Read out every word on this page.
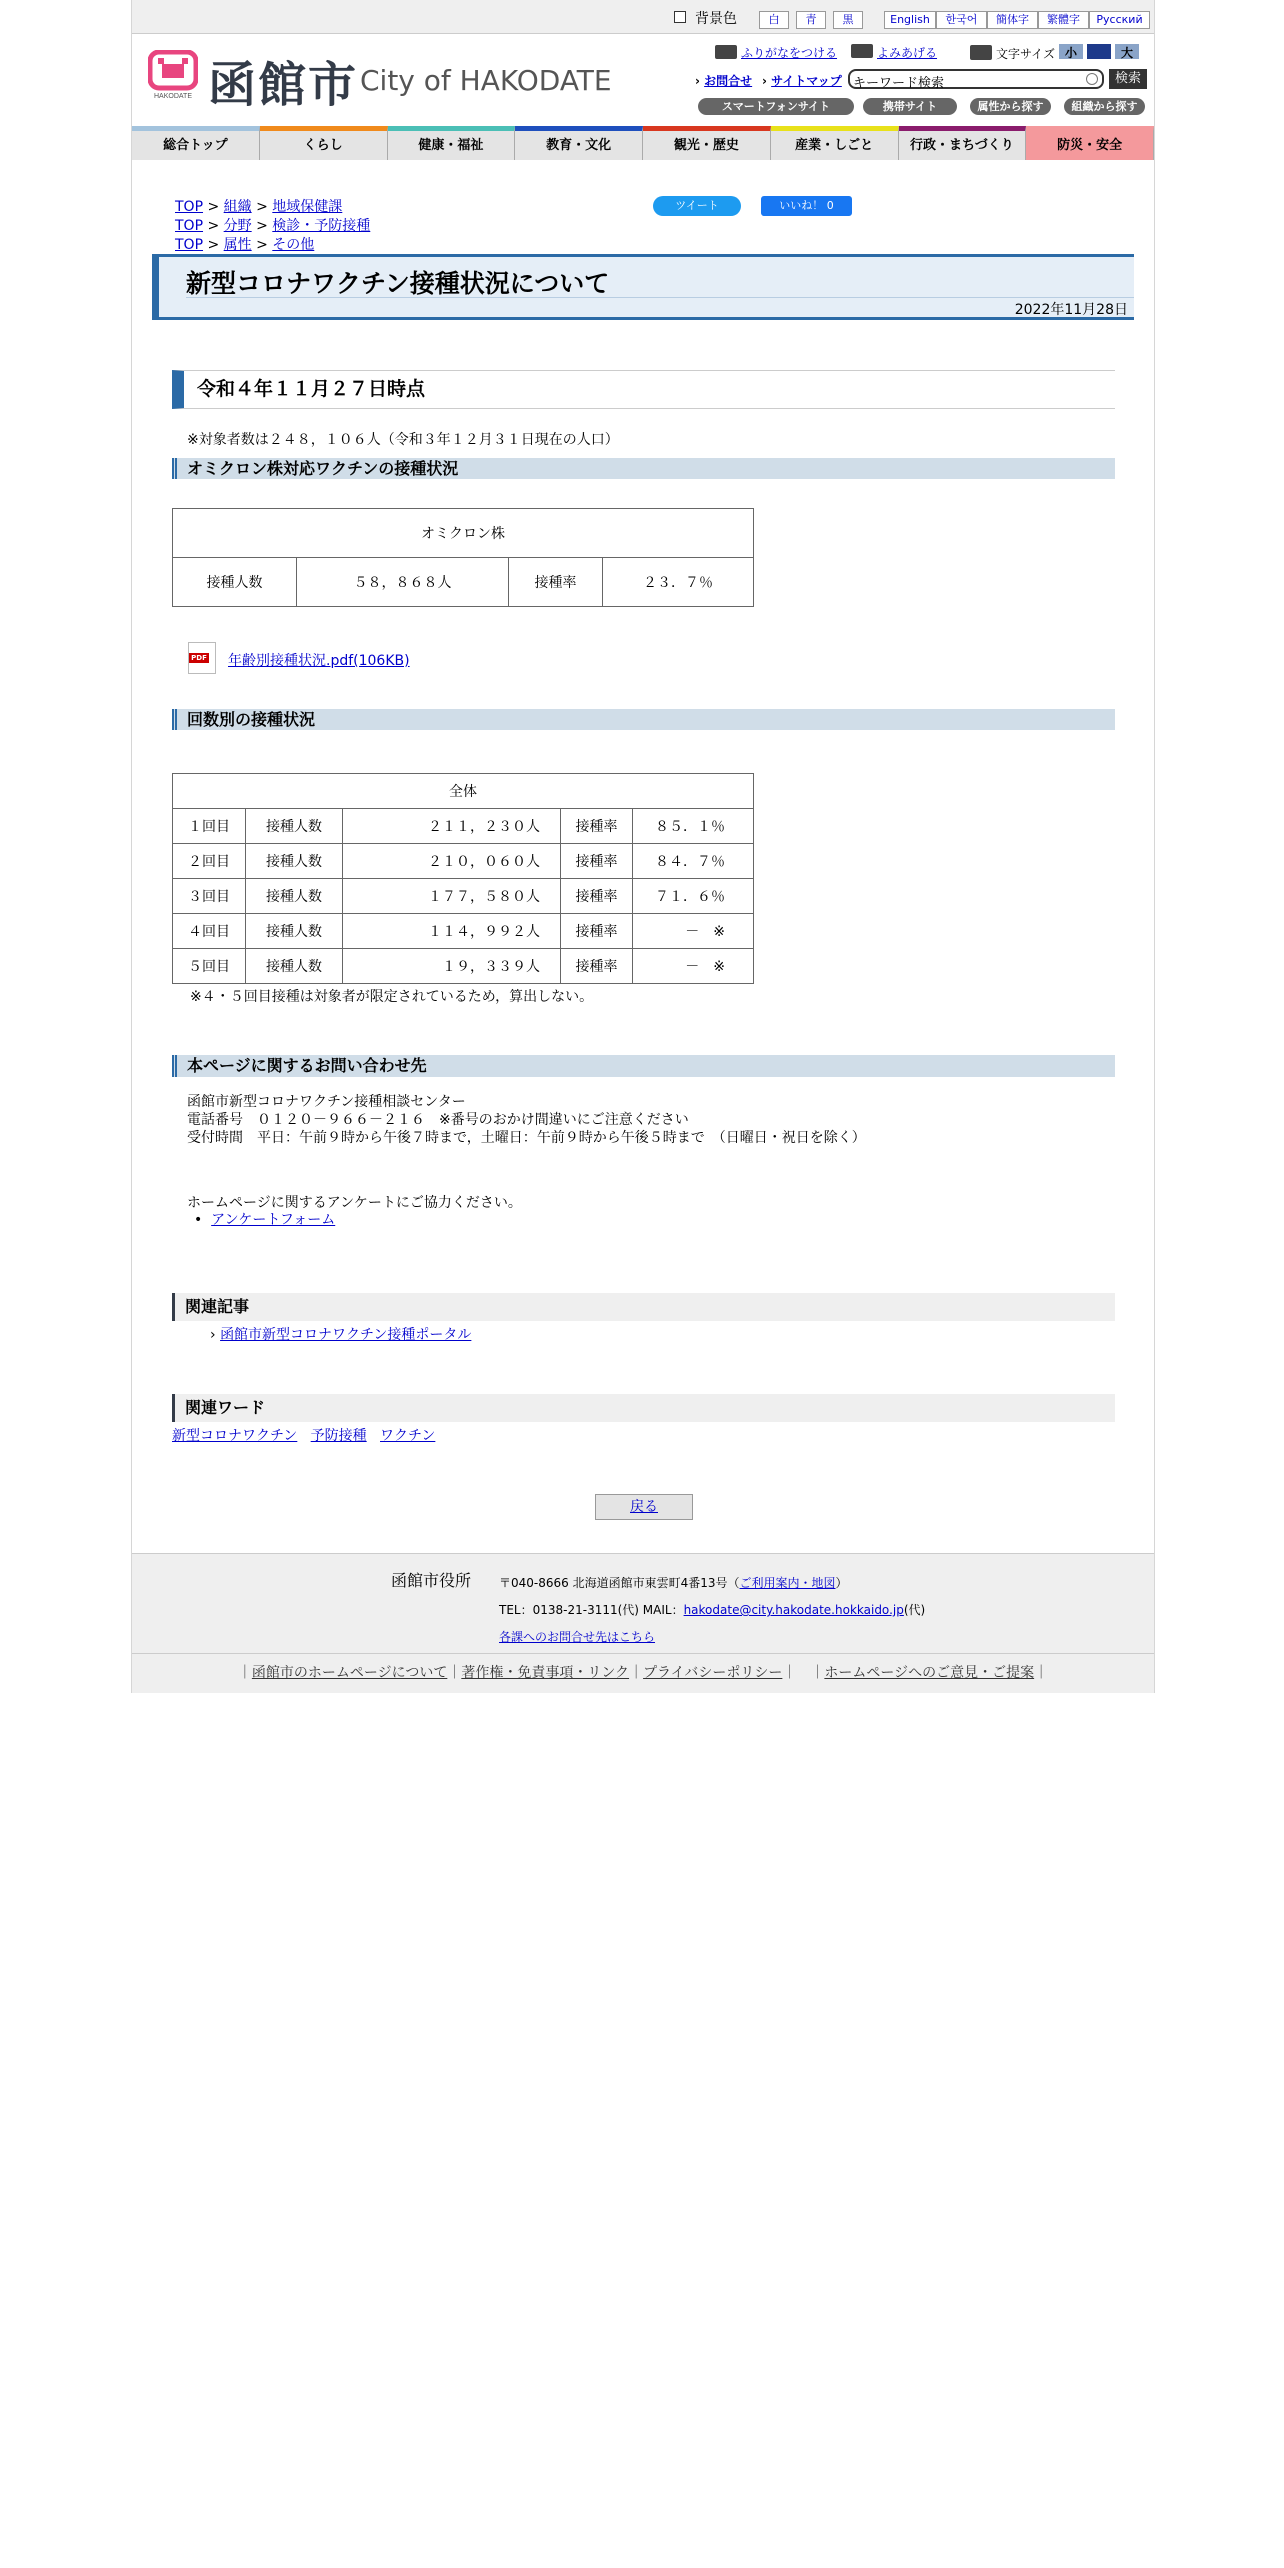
背景色	白	青	黒	English	한국어	簡体字	繁體字	Русский
HAKODATE 函館市 City of HAKODATE
ふりがなをつける	よみあげる	文字サイズ 小	中	大
› お問合せ › サイトマップ キーワード検索	検索
スマートフォンサイト	携帯サイト	属性から探す	組織から探す
総合トップ	くらし	健康・福祉	教育・文化	観光・歴史	産業・しごと	行政・まちづくり	防災・安全
TOP > 組織 > 地域保健課
TOP > 分野 > 検診・予防接種
TOP > 属性 > その他
ツイート	いいね！ 0
新型コロナワクチン接種状況について
2022年11月28日
令和４年１１月２７日時点
※対象者数は２４８，１０６人（令和３年１２月３１日現在の人口）
オミクロン株対応ワクチンの接種状況
オミクロン株
接種人数	５８，８６８人	接種率	２３．７％
PDF 年齢別接種状況.pdf(106KB)
回数別の接種状況
全体				
１回目	接種人数	２１１，２３０人	接種率	８５．１％
２回目	接種人数	２１０，０６０人	接種率	８４．７％
３回目	接種人数	１７７，５８０人	接種率	７１．６％
４回目	接種人数	１１４，９９２人	接種率	－　※
５回目	接種人数	１９，３３９人	接種率	－　※
※４・５回目接種は対象者が限定されているため，算出しない。
本ページに関するお問い合わせ先
函館市新型コロナワクチン接種相談センター
電話番号　０１２０－９６６－２１６　※番号のおかけ間違いにご注意ください
受付時間　平日：午前９時から午後７時まで，土曜日：午前９時から午後５時まで　（日曜日・祝日を除く）
ホームページに関するアンケートにご協力ください。
•  アンケートフォーム
関連記事
› 函館市新型コロナワクチン接種ポータル
関連ワード
新型コロナワクチン 予防接種 ワクチン
戻る
函館市役所 〒040-8666 北海道函館市東雲町4番13号（ご利用案内・地図）
TEL：0138-21-3111(代) MAIL：hakodate@city.hakodate.hokkaido.jp(代)
各課へのお問合せ先はこちら
｜函館市のホームページについて｜著作権・免責事項・リンク｜プライバシーポリシー｜　｜ホームページへのご意見・ご提案｜
